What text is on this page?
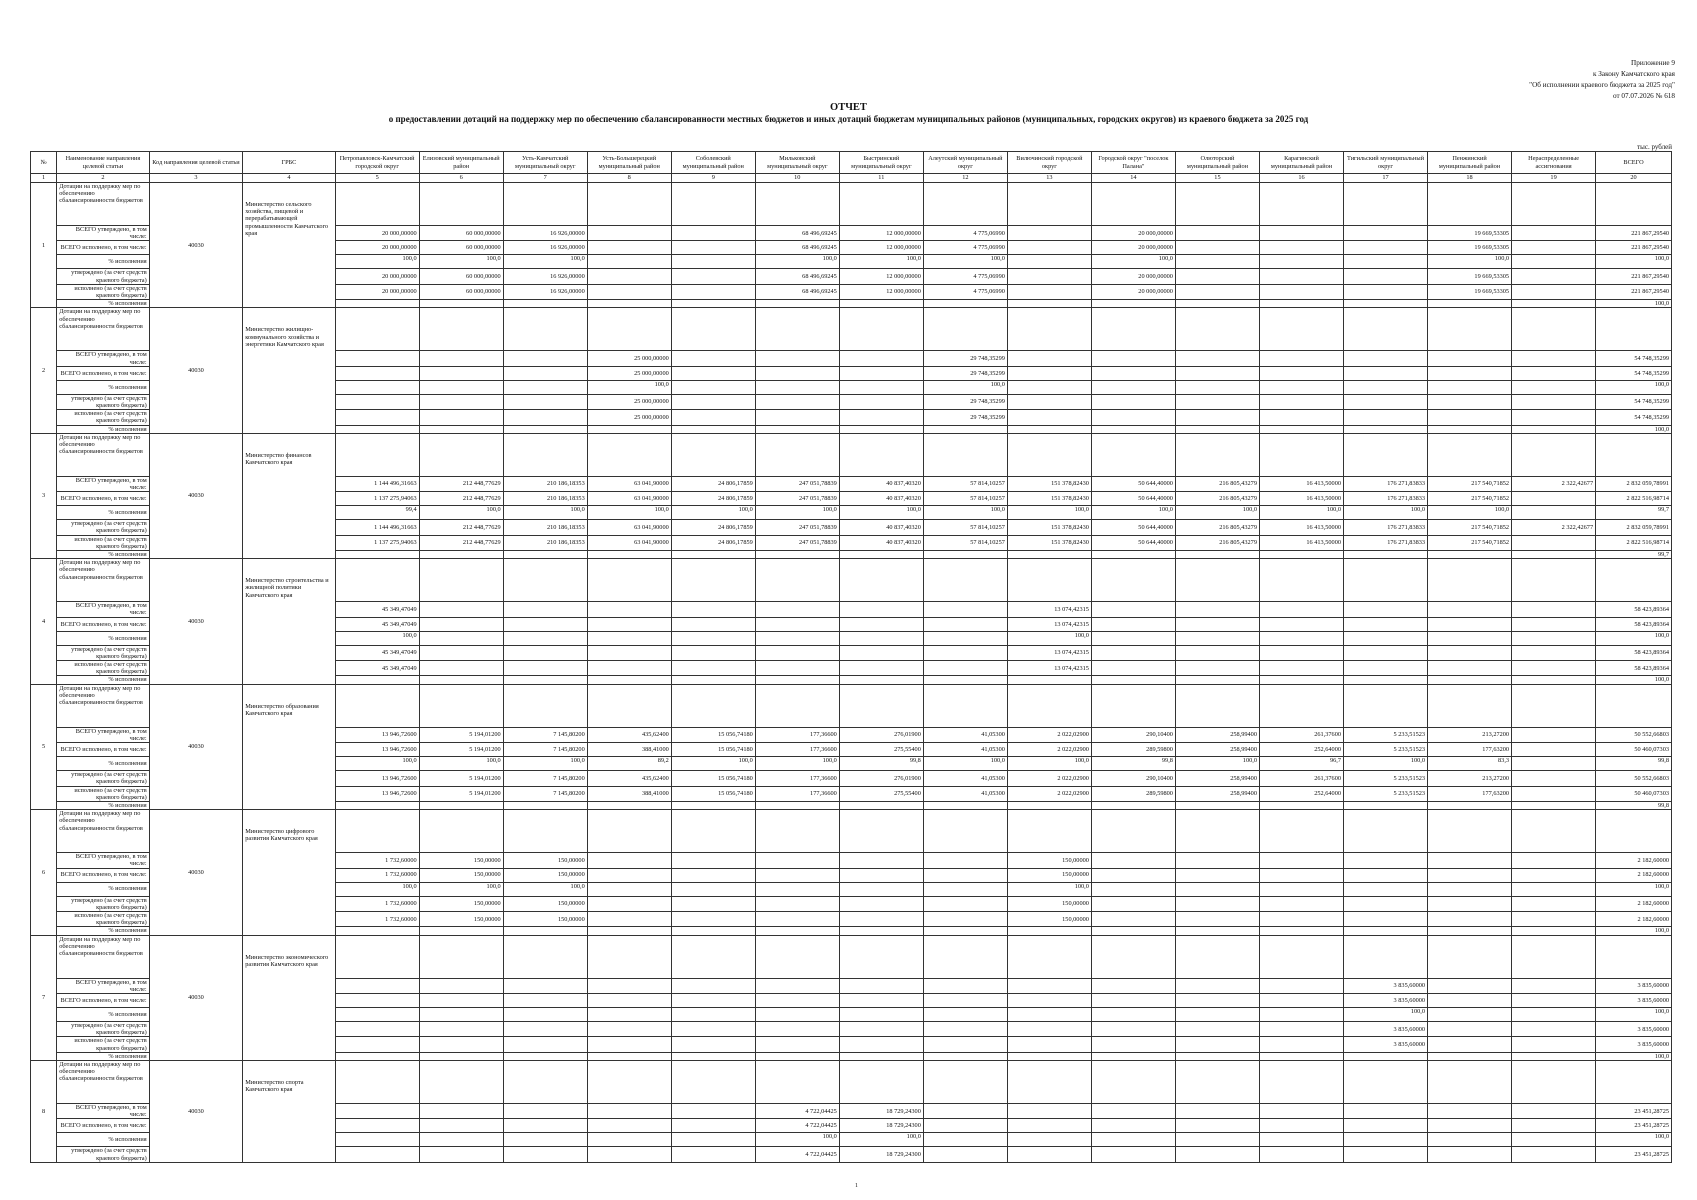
Приложение 9
к Закону Камчатского края
"Об исполнении краевого бюджета за 2025 год"
от 07.07.2026 № 618
ОТЧЕТ
о предоставлении дотаций на поддержку мер по обеспечению сбалансированности местных бюджетов и иных дотаций бюджетам муниципальных районов (муниципальных, городских округов) из краевого бюджета за 2025 год
тыс. рублей
№	Наименование направления целевой статьи	Код направления целевой статьи	ГРБС	Петропавловск-Камчатский городской округ	Елизовский муниципальный район	Усть-Камчатский муниципальный округ	Усть-Большерецкий муниципальный район	Соболевский муниципальный район	Мильковский муниципальный округ	Быстринский муниципальный округ	Алеутский муниципальный округ	Вилючинский городской округ	Городской округ "поселок Палана"	Олюторский муниципальный район	Карагинский муниципальный район	Тигильский муниципальный округ	Пенжинский муниципальный район	Нераспределенные ассигнования	ВСЕГО
1	2	3	4	5	6	7	8	9	10	11	12	13	14	15	16	17	18	19	20
1	Дотации на поддержку мер по обеспечению сбалансированности бюджетов	40030	Министерство сельского хозяйства, пищевой и перерабатывающей промышленности Камчатского края																
	ВСЕГО утверждено, в том числе:			20 000,00000	60 000,00000	16 926,00000			68 496,69245	12 000,00000	4 775,06990		20 000,00000				19 669,53305		221 867,29540
	ВСЕГО исполнено, в том числе:			20 000,00000	60 000,00000	16 926,00000			68 496,69245	12 000,00000	4 775,06990		20 000,00000				19 669,53305		221 867,29540
	% исполнения			100,0	100,0	100,0			100,0	100,0	100,0		100,0				100,0		100,0

	утверждено (за счет средств краевого бюджета)			20 000,00000	60 000,00000	16 926,00000			68 496,69245	12 000,00000	4 775,06990		20 000,00000				19 669,53305		221 867,29540
	исполнено (за счет средств краевого бюджета)			20 000,00000	60 000,00000	16 926,00000			68 496,69245	12 000,00000	4 775,06990		20 000,00000				19 669,53305		221 867,29540
	% исполнения																		100,0
2	Дотации на поддержку мер по обеспечению сбалансированности бюджетов	40030	Министерство жилищно-коммунального хозяйства и энергетики Камчатского края																
	ВСЕГО утверждено, в том числе:						25 000,00000				29 748,35299								54 748,35299
	ВСЕГО исполнено, в том числе:						25 000,00000				29 748,35299								54 748,35299
	% исполнения						100,0				100,0								100,0

	утверждено (за счет средств краевого бюджета)						25 000,00000				29 748,35299								54 748,35299
	исполнено (за счет средств краевого бюджета)						25 000,00000				29 748,35299								54 748,35299
	% исполнения																		100,0
3	Дотации на поддержку мер по обеспечению сбалансированности бюджетов	40030	Министерство финансов Камчатского края																
	ВСЕГО утверждено, в том числе:			1 144 496,31663	212 448,77629	210 186,18353	63 041,90000	24 806,17859	247 051,78839	40 837,40320	57 814,10257	151 378,82430	50 644,40000	216 805,43279	16 413,50000	176 271,83833	217 540,71852	2 322,42677	2 832 059,78991
	ВСЕГО исполнено, в том числе:			1 137 275,94063	212 448,77629	210 186,18353	63 041,90000	24 806,17859	247 051,78839	40 837,40320	57 814,10257	151 378,82430	50 644,40000	216 805,43279	16 413,50000	176 271,83833	217 540,71852		2 822 516,98714
	% исполнения			99,4	100,0	100,0	100,0	100,0	100,0	100,0	100,0	100,0	100,0	100,0	100,0	100,0	100,0		99,7

	утверждено (за счет средств краевого бюджета)			1 144 496,31663	212 448,77629	210 186,18353	63 041,90000	24 806,17859	247 051,78839	40 837,40320	57 814,10257	151 378,82430	50 644,40000	216 805,43279	16 413,50000	176 271,83833	217 540,71852	2 322,42677	2 832 059,78991
	исполнено (за счет средств краевого бюджета)			1 137 275,94063	212 448,77629	210 186,18353	63 041,90000	24 806,17859	247 051,78839	40 837,40320	57 814,10257	151 378,82430	50 644,40000	216 805,43279	16 413,50000	176 271,83833	217 540,71852		2 822 516,98714
	% исполнения																		99,7
4	Дотации на поддержку мер по обеспечению сбалансированности бюджетов	40030	Министерство строительства и жилищной политики Камчатского края																
	ВСЕГО утверждено, в том числе:			45 349,47049								13 074,42315							58 423,89364
	ВСЕГО исполнено, в том числе:			45 349,47049								13 074,42315							58 423,89364
	% исполнения			100,0								100,0							100,0

	утверждено (за счет средств краевого бюджета)			45 349,47049								13 074,42315							58 423,89364
	исполнено (за счет средств краевого бюджета)			45 349,47049								13 074,42315							58 423,89364
	% исполнения																		100,0
5	Дотации на поддержку мер по обеспечению сбалансированности бюджетов	40030	Министерство образования Камчатского края																
	ВСЕГО утверждено, в том числе:			13 946,72600	5 194,01200	7 145,80200	435,62400	15 056,74180	177,36600	276,01900	41,05300	2 022,02900	290,10400	258,99400	261,37600	5 233,51523	213,27200		50 552,66803
	ВСЕГО исполнено, в том числе:			13 946,72600	5 194,01200	7 145,80200	388,41000	15 056,74180	177,36600	275,55400	41,05300	2 022,02900	289,59800	258,99400	252,64000	5 233,51523	177,63200		50 460,07303
	% исполнения			100,0	100,0	100,0	89,2	100,0	100,0	99,8	100,0	100,0	99,8	100,0	96,7	100,0	83,3		99,8

	утверждено (за счет средств краевого бюджета)			13 946,72600	5 194,01200	7 145,80200	435,62400	15 056,74180	177,36600	276,01900	41,05300	2 022,02900	290,10400	258,99400	261,37600	5 233,51523	213,27200		50 552,66803
	исполнено (за счет средств краевого бюджета)			13 946,72600	5 194,01200	7 145,80200	388,41000	15 056,74180	177,36600	275,55400	41,05300	2 022,02900	289,59800	258,99400	252,64000	5 233,51523	177,63200		50 460,07303
	% исполнения																		99,8
6	Дотации на поддержку мер по обеспечению сбалансированности бюджетов	40030	Министерство цифрового развития Камчатского края																
	ВСЕГО утверждено, в том числе:			1 732,60000	150,00000	150,00000						150,00000							2 182,60000
	ВСЕГО исполнено, в том числе:			1 732,60000	150,00000	150,00000						150,00000							2 182,60000
	% исполнения			100,0	100,0	100,0						100,0							100,0

	утверждено (за счет средств краевого бюджета)			1 732,60000	150,00000	150,00000						150,00000							2 182,60000
	исполнено (за счет средств краевого бюджета)			1 732,60000	150,00000	150,00000						150,00000							2 182,60000
	% исполнения																		100,0
7	Дотации на поддержку мер по обеспечению сбалансированности бюджетов	40030	Министерство экономического развития Камчатского края																
	ВСЕГО утверждено, в том числе:															3 835,60000			3 835,60000
	ВСЕГО исполнено, в том числе:															3 835,60000			3 835,60000
	% исполнения															100,0			100,0

	утверждено (за счет средств краевого бюджета)															3 835,60000			3 835,60000
	исполнено (за счет средств краевого бюджета)															3 835,60000			3 835,60000
	% исполнения																		100,0
8	Дотации на поддержку мер по обеспечению сбалансированности бюджетов	40030	Министерство спорта Камчатского края																
	ВСЕГО утверждено, в том числе:								4 722,04425	18 729,24300									23 451,28725
	ВСЕГО исполнено, в том числе:								4 722,04425	18 729,24300									23 451,28725
	% исполнения								100,0	100,0									100,0

	утверждено (за счет средств краевого бюджета)								4 722,04425	18 729,24300									23 451,28725
1
